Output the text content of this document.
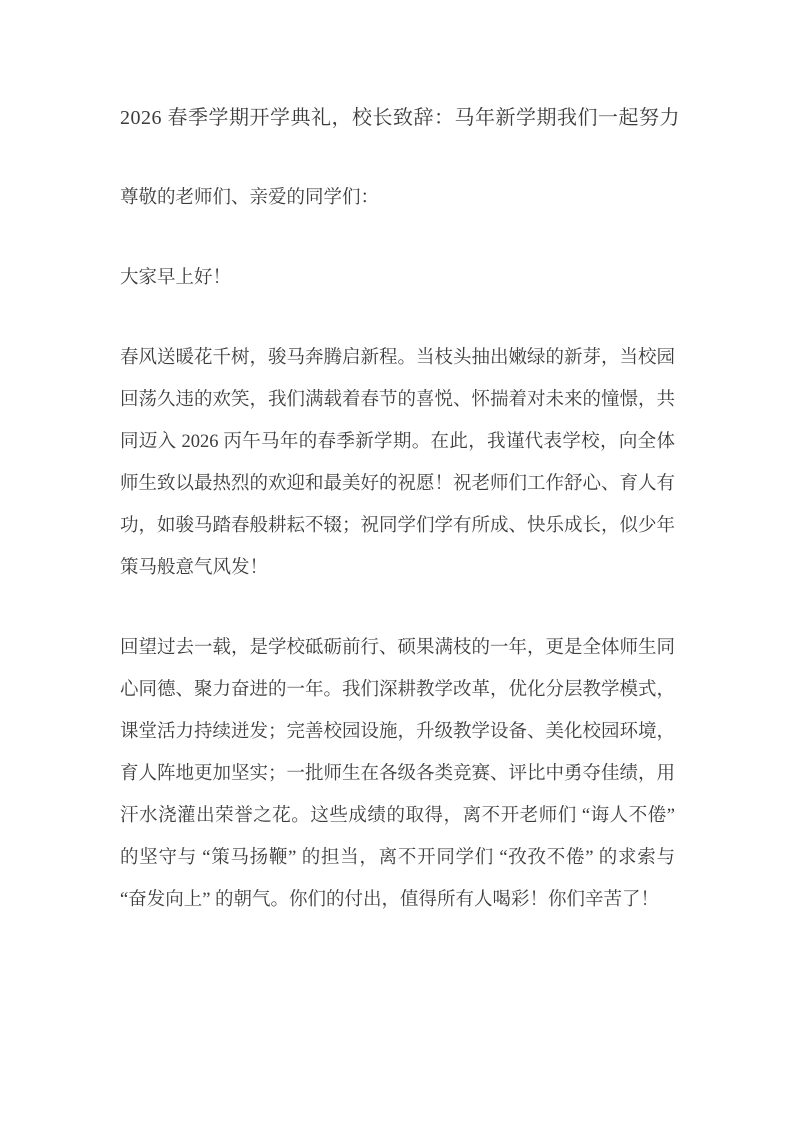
2026 春季学期开学典礼，校长致辞：马年新学期我们一起努力

尊敬的老师们、亲爱的同学们：

大家早上好！

春风送暖花千树，骏马奔腾启新程。当枝头抽出嫩绿的新芽，当校园回荡久违的欢笑，我们满载着春节的喜悦、怀揣着对未来的憧憬，共同迈入 2026 丙午马年的春季新学期。在此，我谨代表学校，向全体师生致以最热烈的欢迎和最美好的祝愿！祝老师们工作舒心、育人有功，如骏马踏春般耕耘不辍；祝同学们学有所成、快乐成长，似少年策马般意气风发！

回望过去一载，是学校砥砺前行、硕果满枝的一年，更是全体师生同心同德、聚力奋进的一年。我们深耕教学改革，优化分层教学模式，课堂活力持续迸发；完善校园设施，升级教学设备、美化校园环境，育人阵地更加坚实；一批师生在各级各类竞赛、评比中勇夺佳绩，用汗水浇灌出荣誉之花。这些成绩的取得，离不开老师们 “诲人不倦” 的坚守与 “策马扬鞭” 的担当，离不开同学们 “孜孜不倦” 的求索与 “奋发向上” 的朝气。你们的付出，值得所有人喝彩！你们辛苦了！
